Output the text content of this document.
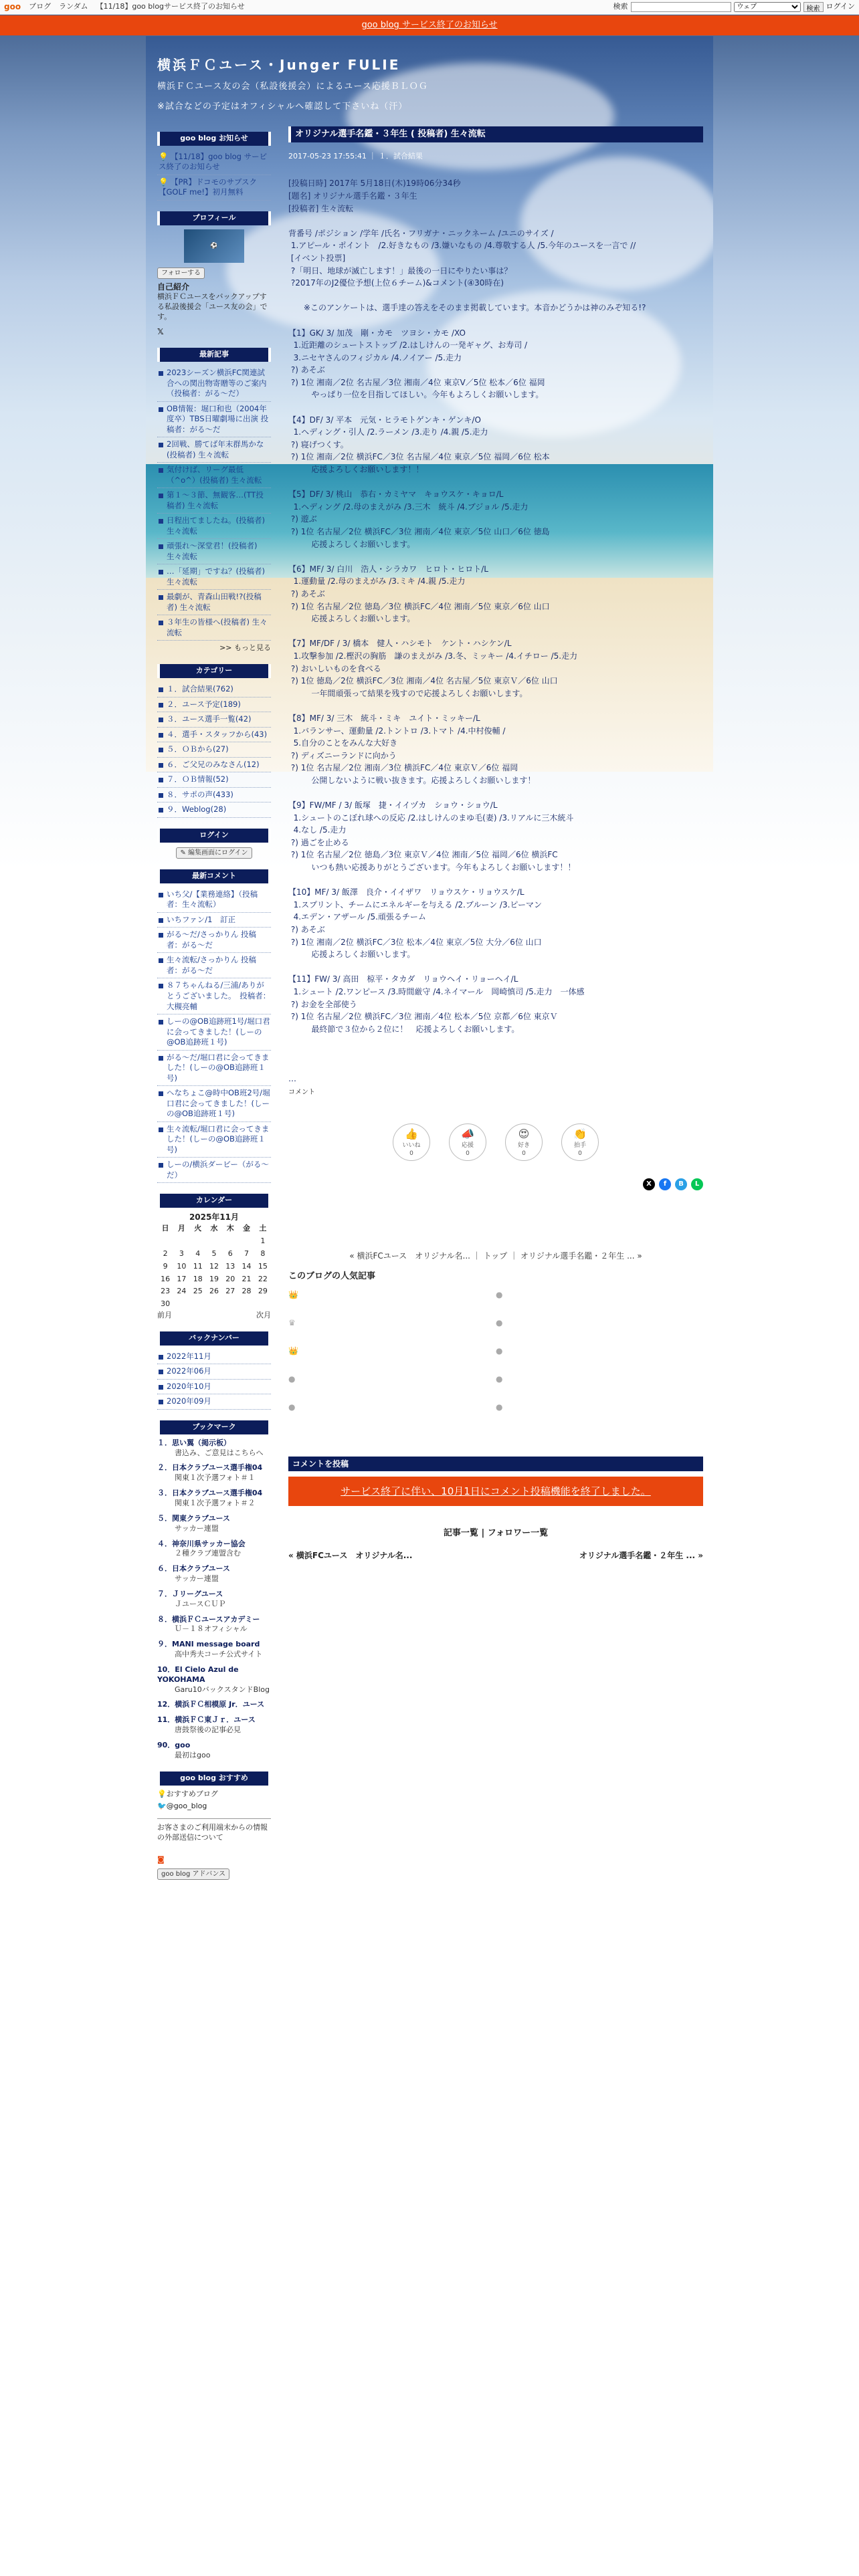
goo ブログ ランダム 【11/18】goo blogサービス終了のお知らせ	検索
ウェブ	検索 ログイン
goo blog サービス終了のお知らせ
横浜ＦＣユース・Junger FULIE
横浜ＦＣユース友の会（私設後援会）によるユース応援ＢＬＯＧ
※試合などの予定はオフィシャルへ確認して下さいね（汗）
goo blog お知らせ
💡 【11/18】goo blog サービス終了のお知らせ
💡 【PR】ドコモのサブスク【GOLF me!】初月無料
プロフィール
⚽
フォローする
自己紹介
横浜ＦＣユースをバックアップする私設後援会「ユース友の会」です。
𝕏
最新記事
2023シーズン横浜FC関連試合への関出物寄贈等のご案内（投稿者：がる～だ）
OB情報：堀口和也（2004年度卒）TBS日曜劇場に出演 投稿者：がる～だ
2回戦、勝てば年末群馬かな(投稿者) 生々流転
気付けば、リーグ最低（^o^）(投稿者) 生々流転
第１～３節、無観客…(TT投稿者) 生々流転
日程出てましたね。(投稿者) 生々流転
頑張れ～深堂君！(投稿者) 生々流転
…「延期」ですね？(投稿者) 生々流転
最劇が、青森山田戦!?(投稿者) 生々流転
３年生の皆様へ(投稿者) 生々流転
>> もっと見る
カテゴリー
１．試合結果(762)
２．ユース予定(189)
３．ユース選手一覧(42)
４．選手・スタッフから(43)
５．ＯＢから(27)
６．ご父兄のみなさん(12)
７．ＯＢ情報(52)
８．サポの声(433)
９．Weblog(28)
ログイン
✎ 編集画面にログイン
最新コメント
いち父/【業務連絡】（投稿者：生々流転）
いちファン/1　訂正
がる～だ/さっかりん 投稿者：がる～だ
生々流転/さっかりん 投稿者：がる～だ
８７ちゃんねる/三浦/ありがとうございました。　投稿者：大槻亮輔
しーの@OB追跡班1号/堀口君に会ってきました！(しーの@OB追跡班１号)
がる～だ/堀口君に会ってきました！(しーの@OB追跡班１号)
ヘなちょこ@時中OB班2号/堀口君に会ってきました！(しーの@OB追跡班１号)
生々流転/堀口君に会ってきました！(しーの@OB追跡班１号)
しーの/横浜ダービー（がる～だ）
カレンダー
2025年11月
日	月	火	水	木	金	土
						1
2	3	4	5	6	7	8
9	10	11	12	13	14	15
16	17	18	19	20	21	22
23	24	25	26	27	28	29
30						
前月	次月
バックナンバー
2022年11月
2022年06月
2020年10月
2020年09月
ブックマーク
１．思い翼（掲示板）
書込み、ご意見はこちらへ
２．日本クラブユース選手権04
関東１次予選フォト＃１
３．日本クラブユース選手権04
関東１次予選フォト＃２
５．関東クラブユース
サッカー連盟
４．神奈川県サッカー協会
２種クラブ連盟含む
６．日本クラブユース
サッカー連盟
７．Ｊリーグユース
ＪユースＣＵＰ
８．横浜ＦＣユースアカデミー
Ｕ－１８オフィシャル
９．MANI message board
高中秀夫コーチ公式サイト
10．El Cielo Azul de YOKOHAMA
Garu10バックスタンドBlog
12．横浜ＦＣ相模原 Jr．ユース
11．横浜ＦＣ東Ｊｒ．ユース
唐鼓祭後の記事必見
90．goo
最初はgoo
goo blog おすすめ
💡おすすめブログ
🐦@goo_blog
お客さまのご利用端末からの情報の外部送信について
◙
goo blog アドバンス
オリジナル選手名鑑・３年生 ( 投稿者) 生々流転
2017-05-23 17:55:41 ｜ １．試合結果
[投稿日時] 2017年 5月18日(木)19時06分34秒
[題名] オリジナル選手名鑑・３年生
[投稿者] 生々流転

背番号 /ポジション /学年 /氏名・フリガナ・ニックネーム /ユニのサイズ /
1.アピール・ポイント　/2.好きなもの /3.嫌いなもの /4.尊敬する人 /5.今年のユースを一言で //
[イベント投票]
?「明日、地球が滅亡します！」最後の一日にやりたい事は？
?2017年のJ2優位予想(上位６チーム)&コメント(④30時在)

※このアンケートは、選手達の答えをそのまま掲載しています。本音かどうかは神のみぞ知る!?

【1】GK/ 3/ 加茂　剛・カモ　ツヨシ・カモ /XO
1.近距離のシュートストップ /2.はしけんの一発ギャグ、お寿司 /
3.ニセヤさんのフィジカル /4.ノイアー /5.走力
?) あそぶ
?) 1位 湘南／2位 名古屋／3位 湘南／4位 東京V／5位 松本／6位 福岡
やっぱり一位を目指してほしい。今年もよろしくお願いします。

【4】DF/ 3/ 平本　元気・ヒラモトゲンキ・ゲンキ/O
1.ヘディング・引人 /2.ラーメン /3.走り /4.親 /5.走力
?) 寝げつくす。
?) 1位 湘南／2位 横浜FC／3位 名古屋／4位 東京／5位 福岡／6位 松本
応援よろしくお願いします！！

【5】DF/ 3/ 桃山　恭右・カミヤマ　キョウスケ・キョロ/L
1.ヘディング /2.母のまえがみ /3.三木　統斗 /4.ブジョル /5.走力
?) 遊ぶ
?) 1位 名古屋／2位 横浜FC／3位 湘南／4位 東京／5位 山口／6位 徳島
応援よろしくお願いします。

【6】MF/ 3/ 白川　浩人・シラカワ　ヒロト・ヒロト/L
1.運動量 /2.母のまえがみ /3.ミキ /4.親 /5.走力
?) あそぶ
?) 1位 名古屋／2位 徳島／3位 横浜FC／4位 湘南／5位 東京／6位 山口
応援よろしくお願いします。

【7】MF/DF / 3/ 橋本　健人・ハシモト　ケント・ハシケン/L
1.攻撃参加 /2.樫沢の胸筋　謙のまえがみ /3.冬、ミッキー /4.イチロー /5.走力
?) おいしいものを食べる
?) 1位 徳島／2位 横浜FC／3位 湘南／4位 名古屋／5位 東京Ｖ／6位 山口
一年間頑張って結果を残すので応援よろしくお願いします。

【8】MF/ 3/ 三木　統斗・ミキ　ユイト・ミッキー/L
1.バランサー、運動量 /2.トントロ /3.トマト /4.中村俊輔 /
5.自分のことをみんな大好き
?) ディズニーランドに向かう
?) 1位 名古屋／2位 湘南／3位 横浜FC／4位 東京Ｖ／6位 福岡
公開しないように戦い抜きます。応援よろしくお願いします！

【9】FW/MF / 3/ 飯塚　捷・イイヅカ　ショウ・ショウ/L
1.シュートのこぼれ球への反応 /2.はしけんのまゆ毛(妻) /3.リアルに三木統斗
4.なし /5.走力
?) 過ごを止める
?) 1位 名古屋／2位 徳島／3位 東京Ｖ／4位 湘南／5位 福岡／6位 横浜FC
いつも熱い応援ありがとうございます。今年もよろしくお願いします！！

【10】MF/ 3/ 飯澤　良介・イイザワ　リョウスケ・リョウスケ/L
1.スプリント、チームにエネルギーを与える /2.ブルーン /3.ピーマン
4.エデン・アザール /5.頑張るチーム
?) あそぶ
?) 1位 湘南／2位 横浜FC／3位 松本／4位 東京／5位 大分／6位 山口
応援よろしくお願いします。

【11】FW/ 3/ 高田　椋平・タカダ　リョウヘイ・リョーヘイ/L
1.シュート /2.ワンピース /3.時間厳守 /4.ネイマール　岡崎慎司 /5.走力　一体感
?) お金を全部使う
?) 1位 名古屋／2位 横浜FC／3位 湘南／4位 松本／5位 京都／6位 東京Ｖ
最終節で３位から２位に！　応援よろしくお願いします。

…
コメント
👍
いいね
0
📣
応援
0
😍
好き
0
👏
拍手
0
X	f	B	L
« 横浜FCユース　オリジナル名... ｜ トップ ｜ オリジナル選手名鑑・２年生 ... »
このブログの人気記事
👑	●
♛	●
👑	●
●	●
●	●
コメントを投稿
サービス終了に伴い、10月1日にコメント投稿機能を終了しました。
記事一覧 | フォロワー一覧
« 横浜FCユース　オリジナル名...	オリジナル選手名鑑・２年生 ... »
